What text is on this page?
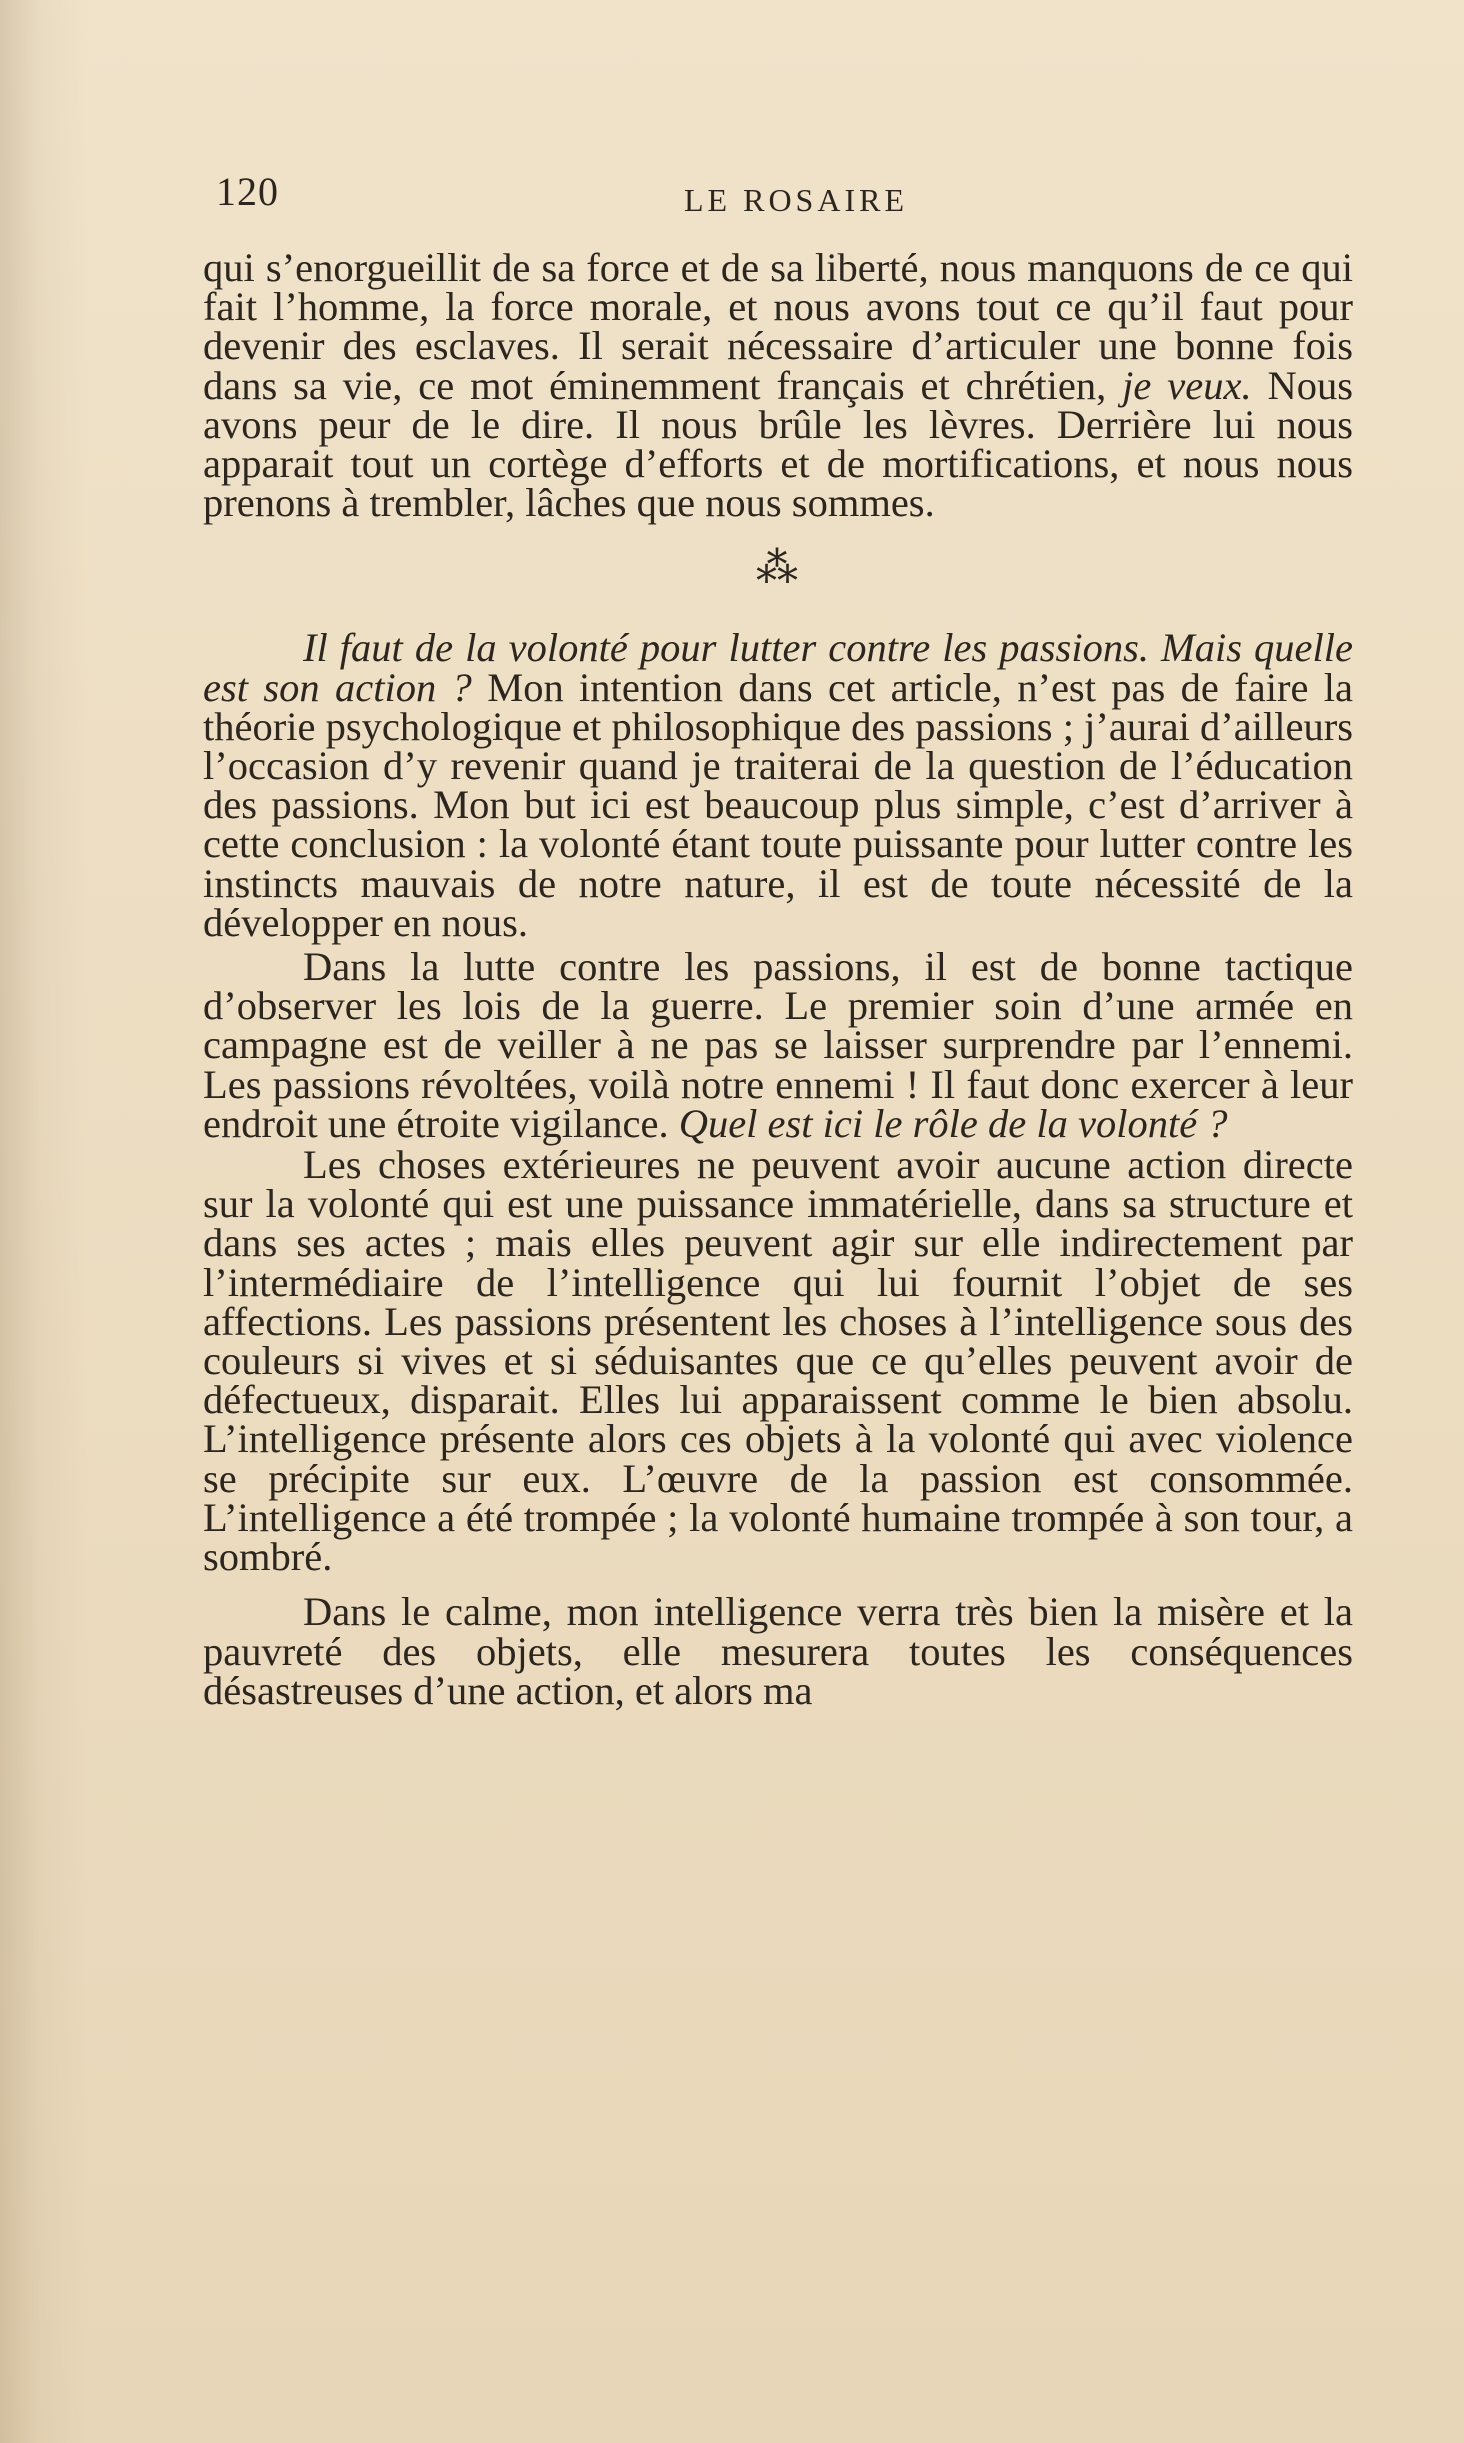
120	LE ROSAIRE

qui s’enorgueillit de sa force et de sa liberté, nous manquons de ce qui fait l’homme, la force morale, et nous avons tout ce qu’il faut pour devenir des esclaves. Il serait nécessaire d’articuler une bonne fois dans sa vie, ce mot éminemment français et chrétien, je veux. Nous avons peur de le dire. Il nous brûle les lèvres. Derrière lui nous apparait tout un cortège d’efforts et de mortifications, et nous nous prenons à trembler, lâches que nous sommes.

⁂

Il faut de la volonté pour lutter contre les passions. Mais quelle est son action ? Mon intention dans cet article, n’est pas de faire la théorie psychologique et philosophique des passions ; j’aurai d’ailleurs l’occasion d’y revenir quand je traiterai de la question de l’éducation des passions. Mon but ici est beaucoup plus simple, c’est d’arriver à cette conclusion : la volonté étant toute puissante pour lutter contre les instincts mauvais de notre nature, il est de toute nécessité de la développer en nous.

Dans la lutte contre les passions, il est de bonne tactique d’observer les lois de la guerre. Le premier soin d’une armée en campagne est de veiller à ne pas se laisser surprendre par l’ennemi. Les passions révoltées, voilà notre ennemi ! Il faut donc exercer à leur endroit une étroite vigilance. Quel est ici le rôle de la volonté ?

Les choses extérieures ne peuvent avoir aucune action directe sur la volonté qui est une puissance immatérielle, dans sa structure et dans ses actes ; mais elles peuvent agir sur elle indirectement par l’intermédiaire de l’intelligence qui lui fournit l’objet de ses affections. Les passions présentent les choses à l’intelligence sous des couleurs si vives et si séduisantes que ce qu’elles peuvent avoir de défectueux, disparait. Elles lui apparaissent comme le bien absolu. L’intelligence présente alors ces objets à la volonté qui avec violence se précipite sur eux. L’œuvre de la passion est consommée. L’intelligence a été trompée ; la volonté humaine trompée à son tour, a sombré.

Dans le calme, mon intelligence verra très bien la misère et la pauvreté des objets, elle mesurera toutes les conséquences désastreuses d’une action, et alors ma
